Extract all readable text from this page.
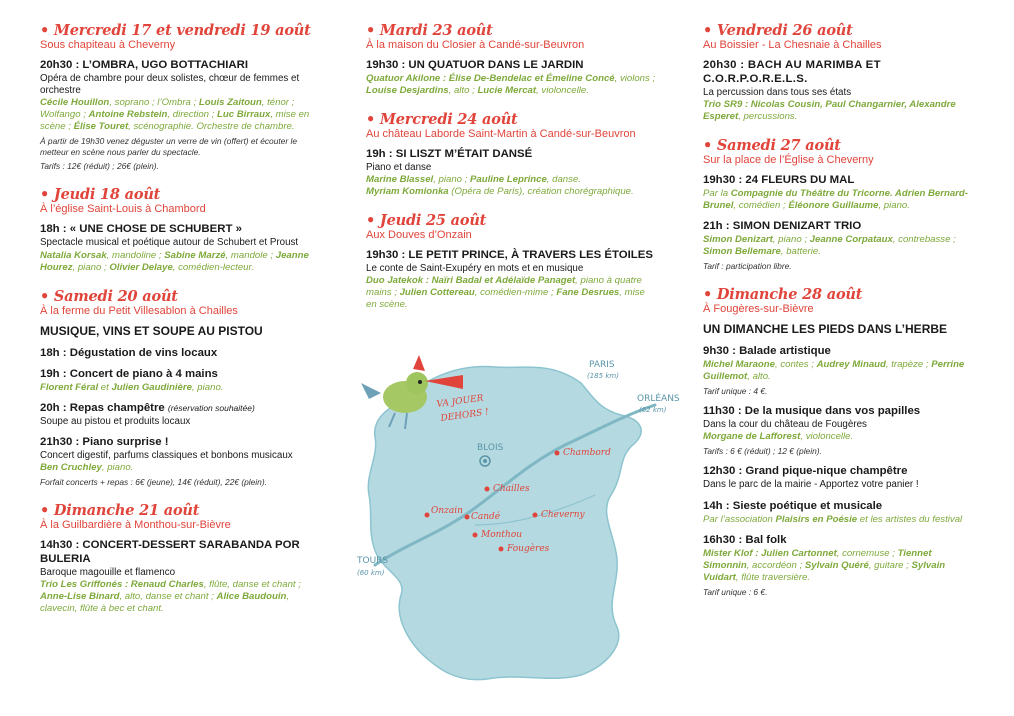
• Mercredi 17 et vendredi 19 août
Sous chapiteau à Cheverny
20h30 : L’OMBRA, UGO BOTTACHIARI
Opéra de chambre pour deux solistes, chœur de femmes et orchestre
Cécile Houillon, soprano ; l’Ombra ; Louis Zaitoun, ténor ; Wolfango ; Antoine Rebstein, direction ; Luc Birraux, mise en scène ; Élise Touret, scénographie. Orchestre de chambre.
À partir de 19h30 venez déguster un verre de vin (offert) et écouter le metteur en scène nous parler du spectacle.
Tarifs : 12€ (réduit) ; 26€ (plein).
• Jeudi 18 août
À l’église Saint-Louis à Chambord
18h : « UNE CHOSE DE SCHUBERT »
Spectacle musical et poétique autour de Schubert et Proust
Natalia Korsak, mandoline ; Sabine Marzé, mandole ; Jeanne Hourez, piano ; Olivier Delaye, comédien-lecteur.
• Samedi 20 août
À la ferme du Petit Villesablon à Chailles
MUSIQUE, VINS ET SOUPE AU PISTOU
18h : Dégustation de vins locaux
19h : Concert de piano à 4 mains
Florent Féral et Julien Gaudinière, piano.
20h : Repas champêtre (réservation souhaitée)
Soupe au pistou et produits locaux
21h30 : Piano surprise !
Concert digestif, parfums classiques et bonbons musicaux
Ben Cruchley, piano.
Forfait concerts + repas : 6€ (jeune), 14€ (réduit), 22€ (plein).
• Dimanche 21 août
À la Guilbardière à Monthou-sur-Bièvre
14h30 : CONCERT-DESSERT SARABANDA POR BULERIA
Baroque magouille et flamenco
Trio Les Griffonés : Renaud Charles, flûte, danse et chant ; Anne-Lise Binard, alto, danse et chant ; Alice Baudouin, clavecin, flûte à bec et chant.
• Mardi 23 août
À la maison du Closier à Candé-sur-Beuvron
19h30 : UN QUATUOR DANS LE JARDIN
Quatuor Akilone : Élise De-Bendelac et Émeline Concé, violons ; Louise Desjardins, alto ; Lucie Mercat, violoncelle.
• Mercredi 24 août
Au château Laborde Saint-Martin à Candé-sur-Beuvron
19h : SI LISZT M’ÉTAIT DANSÉ
Piano et danse
Marine Blassel, piano ; Pauline Leprince, danse.
Myriam Komionka (Opéra de Paris), création chorégraphique.
• Jeudi 25 août
Aux Douves d’Onzain
19h30 : LE PETIT PRINCE, À TRAVERS LES ÉTOILES
Le conte de Saint-Exupéry en mots et en musique
Duo Jatekok : Naïri Badal et Adélaïde Panaget, piano à quatre mains ; Julien Cottereau, comédien-mime ; Fane Desrues, mise en scène.
VA JOUER
DEHORS !
PARIS
(185 km)
ORLÉANS
(62 km)
TOURS
(60 km)
BLOIS	Chambord
Chailles
Onzain
Candé	Cheverny
Monthou
Fougères
• Vendredi 26 août
Au Boissier - La Chesnaie à Chailles
20h30 : BACH AU MARIMBA ET C.O.R.P.O.R.E.L.S.
La percussion dans tous ses états
Trio SR9 : Nicolas Cousin, Paul Changarnier, Alexandre Esperet, percussions.
• Samedi 27 août
Sur la place de l’Église à Cheverny
19h30 : 24 FLEURS DU MAL
Par la Compagnie du Théâtre du Tricorne. Adrien Bernard-Brunel, comédien ; Éléonore Guillaume, piano.
21h : SIMON DENIZART TRIO
Simon Denizart, piano ; Jeanne Corpataux, contrebasse ; Simon Bellemare, batterie.
Tarif : participation libre.
• Dimanche 28 août
À Fougères-sur-Bièvre
UN DIMANCHE LES PIEDS DANS L’HERBE
9h30 : Balade artistique
Michel Maraone, contes ; Audrey Minaud, trapèze ; Perrine Guillemot, alto.
Tarif unique : 4 €.
11h30 : De la musique dans vos papilles
Dans la cour du château de Fougères
Morgane de Lafforest, violoncelle.
Tarifs : 6 € (réduit) ; 12 € (plein).
12h30 : Grand pique-nique champêtre
Dans le parc de la mairie - Apportez votre panier !
14h : Sieste poétique et musicale
Par l’association Plaisirs en Poésie et les artistes du festival
16h30 : Bal folk
Mister Klof : Julien Cartonnet, cornemuse ; Tiennet Simonnin, accordéon ; Sylvain Quéré, guitare ; Sylvain Vuidart, flûte traversière.
Tarif unique : 6 €.
